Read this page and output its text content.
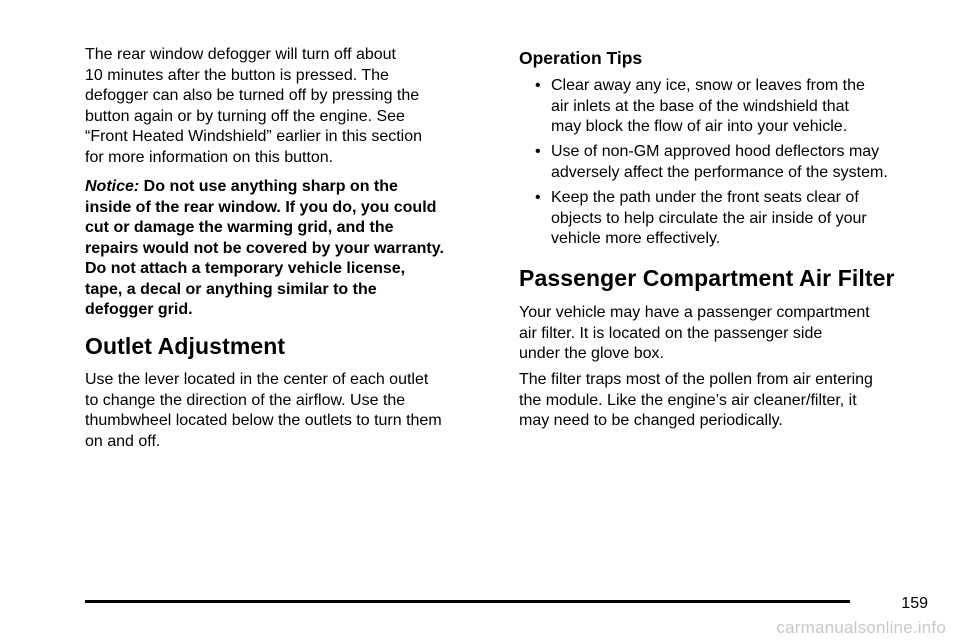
The rear window defogger will turn off about
10 minutes after the button is pressed. The
defogger can also be turned off by pressing the
button again or by turning off the engine. See
“Front Heated Windshield” earlier in this section
for more information on this button.

Notice: Do not use anything sharp on the
inside of the rear window. If you do, you could
cut or damage the warming grid, and the
repairs would not be covered by your warranty.
Do not attach a temporary vehicle license,
tape, a decal or anything similar to the
defogger grid.

Outlet Adjustment

Use the lever located in the center of each outlet
to change the direction of the airflow. Use the
thumbwheel located below the outlets to turn them
on and off.

Operation Tips
• Clear away any ice, snow or leaves from the
air inlets at the base of the windshield that
may block the flow of air into your vehicle.
• Use of non-GM approved hood deflectors may
adversely affect the performance of the system.
• Keep the path under the front seats clear of
objects to help circulate the air inside of your
vehicle more effectively.
Passenger Compartment Air Filter

Your vehicle may have a passenger compartment
air filter. It is located on the passenger side
under the glove box.

The filter traps most of the pollen from air entering
the module. Like the engine’s air cleaner/filter, it
may need to be changed periodically.

159
carmanualsonline.info
